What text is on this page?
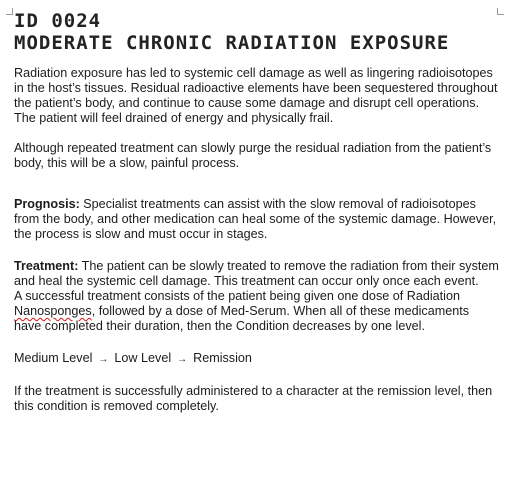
ID 0024
MODERATE CHRONIC RADIATION EXPOSURE

Radiation exposure has led to systemic cell damage as well as lingering radioisotopes in the host’s tissues. Residual radioactive elements have been sequestered throughout the patient’s body, and continue to cause some damage and disrupt cell operations. The patient will feel drained of energy and physically frail.

Although repeated treatment can slowly purge the residual radiation from the patient’s body, this will be a slow, painful process.

Prognosis: Specialist treatments can assist with the slow removal of radioisotopes from the body, and other medication can heal some of the systemic damage. However, the process is slow and must occur in stages.

Treatment: The patient can be slowly treated to remove the radiation from their system and heal the systemic cell damage. This treatment can occur only once each event.

A successful treatment consists of the patient being given one dose of Radiation Nanosponges, followed by a dose of Med-Serum. When all of these medicaments have completed their duration, then the Condition decreases by one level.

Medium Level → Low Level → Remission

If the treatment is successfully administered to a character at the remission level, then this condition is removed completely.
